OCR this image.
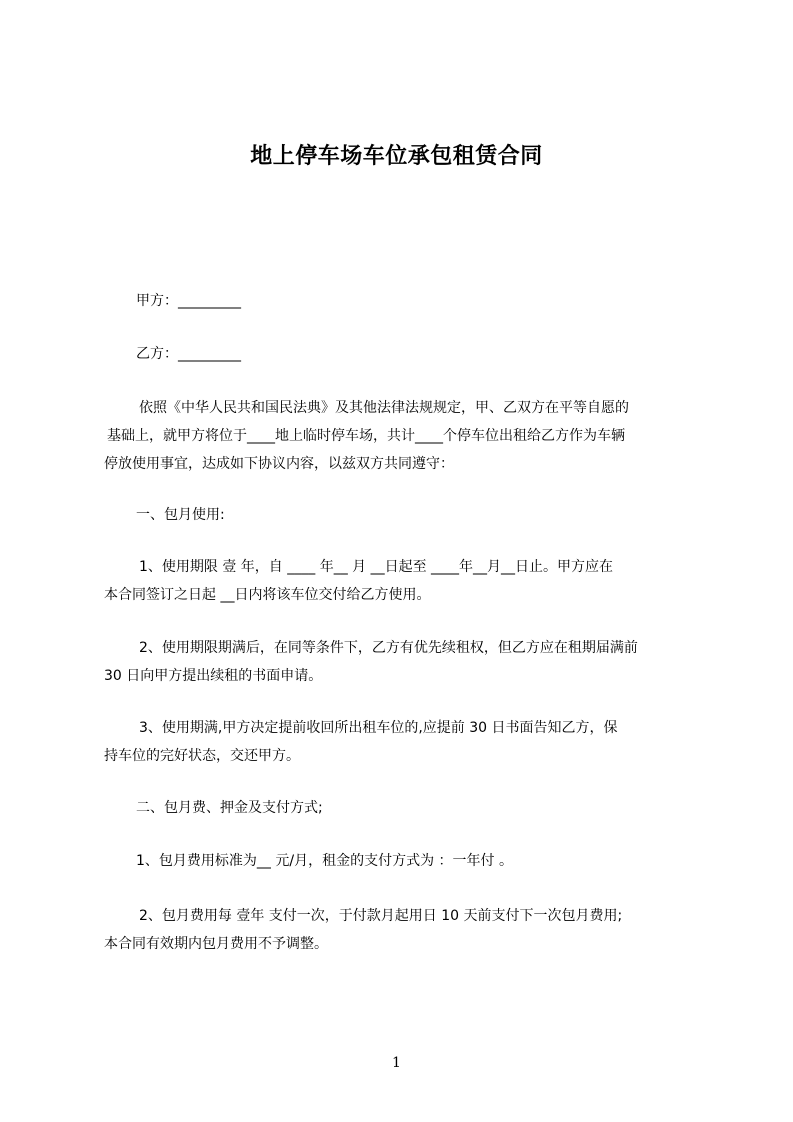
地上停车场车位承包租赁合同
甲方：_________
乙方：_________
依照《中华人民共和国民法典》及其他法律法规规定，甲、乙双方在平等自愿的
基础上，就甲方将位于____地上临时停车场，共计____个停车位出租给乙方作为车辆
停放使用事宜，达成如下协议内容，以兹双方共同遵守：
一、包月使用:
1、使用期限 壹 年，自 ____ 年__ 月 __日起至 ____年__月__日止。甲方应在
本合同签订之日起 __日内将该车位交付给乙方使用。
2、使用期限期满后，在同等条件下，乙方有优先续租权，但乙方应在租期届满前
30 日向甲方提出续租的书面申请。
3、使用期满,甲方决定提前收回所出租车位的,应提前 30 日书面告知乙方，保
持车位的完好状态，交还甲方。
二、包月费、押金及支付方式;
1、包月费用标准为__ 元/月，租金的支付方式为 ：一年付 。
2、包月费用每 壹年 支付一次，于付款月起用日 10 天前支付下一次包月费用;
本合同有效期内包月费用不予调整。
1
